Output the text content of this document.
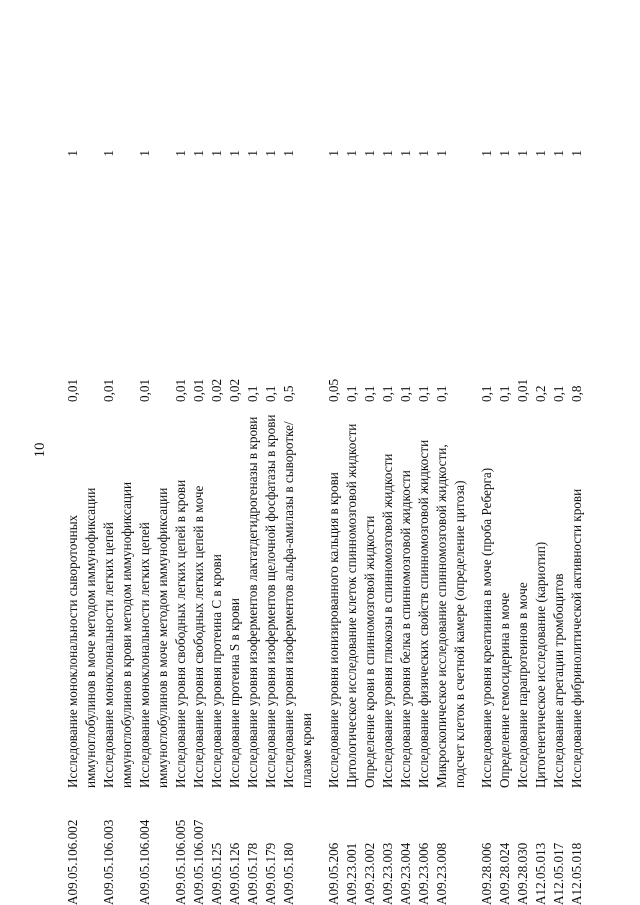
10
A09.05.106.002
Исследование моноклональности сывороточных иммуноглобулинов в моче методом иммунофиксации
0,01
1
A09.05.106.003
Исследование моноклональности легких цепей иммуноглобулинов в крови методом иммунофиксации
0,01
1
A09.05.106.004
Исследование моноклональности легких цепей иммуноглобулинов в моче методом иммунофиксации
0,01
1
A09.05.106.005
Исследование уровня свободных легких цепей в крови
0,01
1
A09.05.106.007
Исследование уровня свободных легких цепей в моче
0,01
1
A09.05.125
Исследование уровня протеина С в крови
0,02
1
A09.05.126
Исследование протеина S в крови
0,02
1
A09.05.178
Исследование уровня изоферментов лактатдегидрогеназы в крови
0,1
1
A09.05.179
Исследование уровня изоферментов щелочной фосфатазы в крови
0,1
1
A09.05.180
Исследование уровня изоферментов альфа-амилазы в сыворотке/плазме крови
0,5
1
A09.05.206
Исследование уровня ионизированного кальция в крови
0,05
1
A09.23.001
Цитологическое исследование клеток спинномозговой жидкости
0,1
1
A09.23.002
Определение крови в спинномозговой жидкости
0,1
1
A09.23.003
Исследование уровня глюкозы в спинномозговой жидкости
0,1
1
A09.23.004
Исследование уровня белка в спинномозговой жидкости
0,1
1
A09.23.006
Исследование физических свойств спинномозговой жидкости
0,1
1
A09.23.008
Микроскопическое исследование спинномозговой жидкости, подсчет клеток в счетной камере (определение цитоза)
0,1
1
A09.28.006
Исследование уровня креатинина в моче (проба Реберга)
0,1
1
A09.28.024
Определение гемосидерина в моче
0,1
1
A09.28.030
Исследование парапротеинов в моче
0,01
1
A12.05.013
Цитогенетическое исследование (кариотип)
0,2
1
A12.05.017
Исследование агрегации тромбоцитов
0,1
1
A12.05.018
Исследование фибринолитической активности крови
0,8
1
